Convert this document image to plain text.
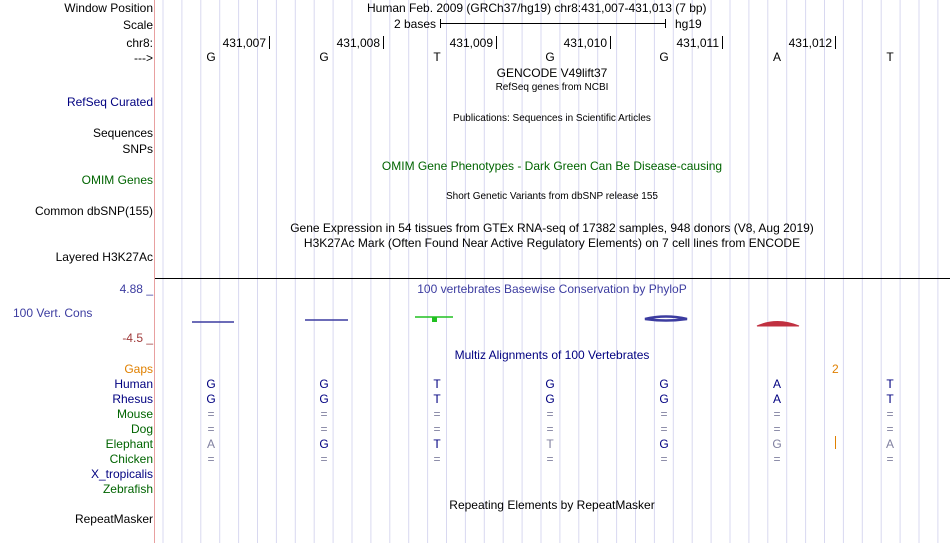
Window Position	Human Feb. 2009 (GRCh37/hg19) chr8:431,007-431,013 (7 bp)
Scale	2 bases	hg19
chr8:	431,007	431,008	431,009	431,010	431,011	431,012
--->	G	G	T	G	G	A	T
GENCODE V49lift37
RefSeq genes from NCBI
RefSeq Curated
Publications: Sequences in Scientific Articles
Sequences
SNPs
OMIM Gene Phenotypes - Dark Green Can Be Disease-causing
OMIM Genes
Short Genetic Variants from dbSNP release 155
Common dbSNP(155)
Gene Expression in 54 tissues from GTEx RNA-seq of 17382 samples, 948 donors (V8, Aug 2019)
H3K27Ac Mark (Often Found Near Active Regulatory Elements) on 7 cell lines from ENCODE
Layered H3K27Ac
4.88 _	100 vertebrates Basewise Conservation by PhyloP
100 Vert. Cons
-4.5 _
Multiz Alignments of 100 Vertebrates
Gaps
Human	G	G	T	G	G	A	T
Rhesus	G	G	T	G	G	A	T
Mouse	=	=	=	=	=	=	=
Dog	=	=	=	=	=	=	=
Elephant	A	G	T	T	G	G	A
Chicken	=	=	=	=	=	=	=
X_tropicalis
Zebrafish
2
Repeating Elements by RepeatMasker
RepeatMasker
